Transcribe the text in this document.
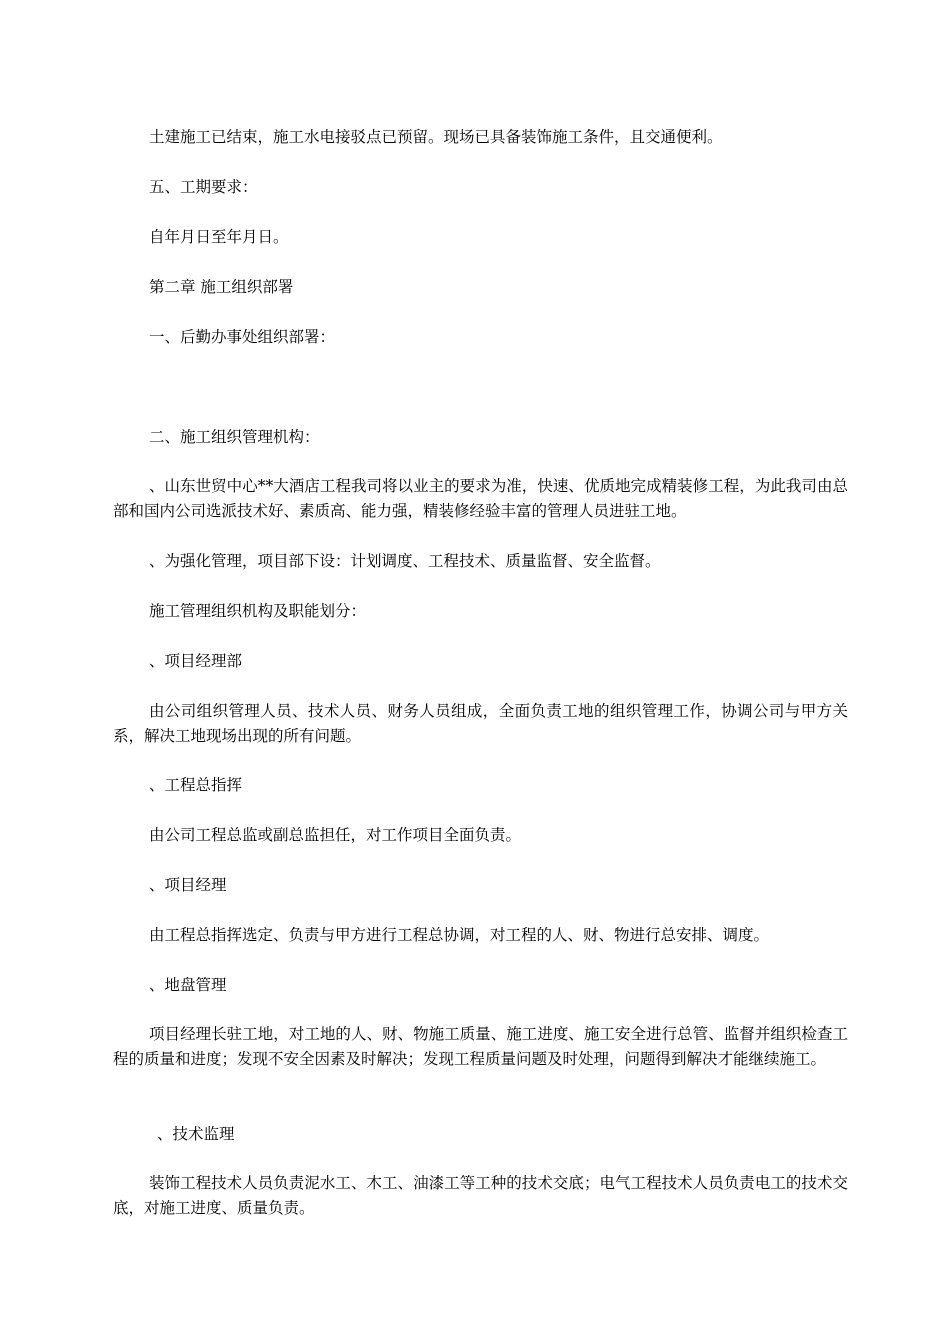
土建施工已结束，施工水电接驳点已预留。现场已具备装饰施工条件，且交通便利。

五、工期要求：

自年月日至年月日。

第二章 施工组织部署

一、后勤办事处组织部署：

二、施工组织管理机构：

、山东世贸中心**大酒店工程我司将以业主的要求为准，快速、优质地完成精装修工程，为此我司由总部和国内公司选派技术好、素质高、能力强，精装修经验丰富的管理人员进驻工地。

、为强化管理，项目部下设：计划调度、工程技术、质量监督、安全监督。

施工管理组织机构及职能划分：

、项目经理部

由公司组织管理人员、技术人员、财务人员组成，全面负责工地的组织管理工作，协调公司与甲方关系，解决工地现场出现的所有问题。

、工程总指挥

由公司工程总监或副总监担任，对工作项目全面负责。

、项目经理

由工程总指挥选定、负责与甲方进行工程总协调，对工程的人、财、物进行总安排、调度。

、地盘管理

项目经理长驻工地，对工地的人、财、物施工质量、施工进度、施工安全进行总管、监督并组织检查工程的质量和进度；发现不安全因素及时解决；发现工程质量问题及时处理，问题得到解决才能继续施工。

、技术监理

装饰工程技术人员负责泥水工、木工、油漆工等工种的技术交底；电气工程技术人员负责电工的技术交底，对施工进度、质量负责。
